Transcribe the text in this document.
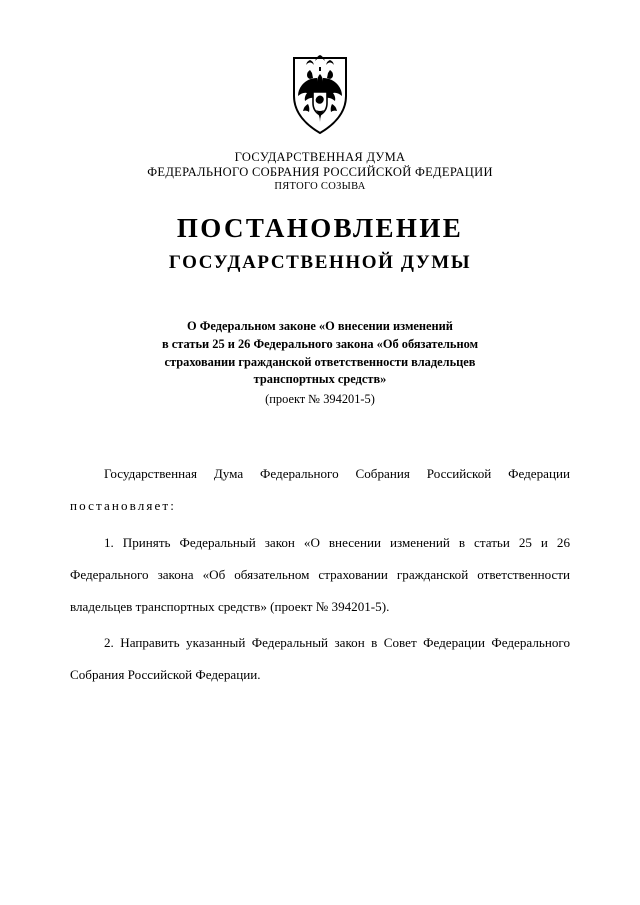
ГОСУДАРСТВЕННАЯ ДУМА
ФЕДЕРАЛЬНОГО СОБРАНИЯ РОССИЙСКОЙ ФЕДЕРАЦИИ
ПЯТОГО СОЗЫВА
ПОСТАНОВЛЕНИЕ
ГОСУДАРСТВЕННОЙ ДУМЫ
О Федеральном законе «О внесении изменений
в статьи 25 и 26 Федерального закона «Об обязательном
страховании гражданской ответственности владельцев
транспортных средств»
(проект № 394201-5)

Государственная Дума Федерального Собрания Российской Федерации постановляет:

1. Принять Федеральный закон «О внесении изменений в статьи 25 и 26 Федерального закона «Об обязательном страховании гражданской ответственности владельцев транспортных средств» (проект № 394201-5).

2. Направить указанный Федеральный закон в Совет Федерации Федерального Собрания Российской Федерации.
